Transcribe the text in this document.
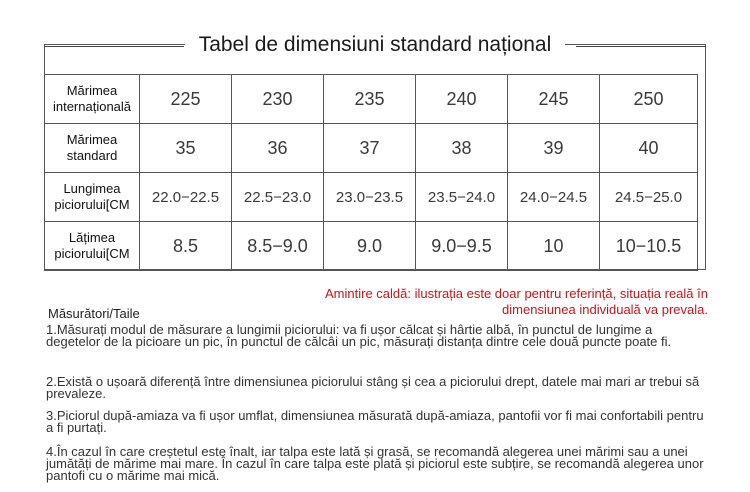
Tabel de dimensiuni standard național
Mărimea internațională	225	230	235	240	245	250
Mărimea standard	35	36	37	38	39	40
Lungimea piciorului[CM	22.0−22.5	22.5−23.0	23.0−23.5	23.5−24.0	24.0−24.5	24.5−25.0
Lățimea piciorului[CM	8.5	8.5−9.0	9.0	9.0−9.5	10	10−10.5
Amintire caldă: ilustrația este doar pentru referință, situația reală în dimensiunea individuală va prevala.
Măsurători/Taile
1.Măsurați modul de măsurare a lungimii piciorului: va fi ușor călcat și hârtie albă, în punctul de lungime a degetelor de la picioare un pic, în punctul de călcâi un pic, măsurați distanța dintre cele două puncte poate fi.
2.Există o ușoară diferență între dimensiunea piciorului stâng și cea a piciorului drept, datele mai mari ar trebui să prevaleze.
3.Piciorul după-amiaza va fi ușor umflat, dimensiunea măsurată după-amiaza, pantofii vor fi mai confortabili pentru a fi purtați.
4.În cazul în care creștetul este înalt, iar talpa este lată și grasă, se recomandă alegerea unei mărimi sau a unei jumătăți de mărime mai mare. În cazul în care talpa este plată și piciorul este subțire, se recomandă alegerea unor pantofi cu o mărime mai mică.
